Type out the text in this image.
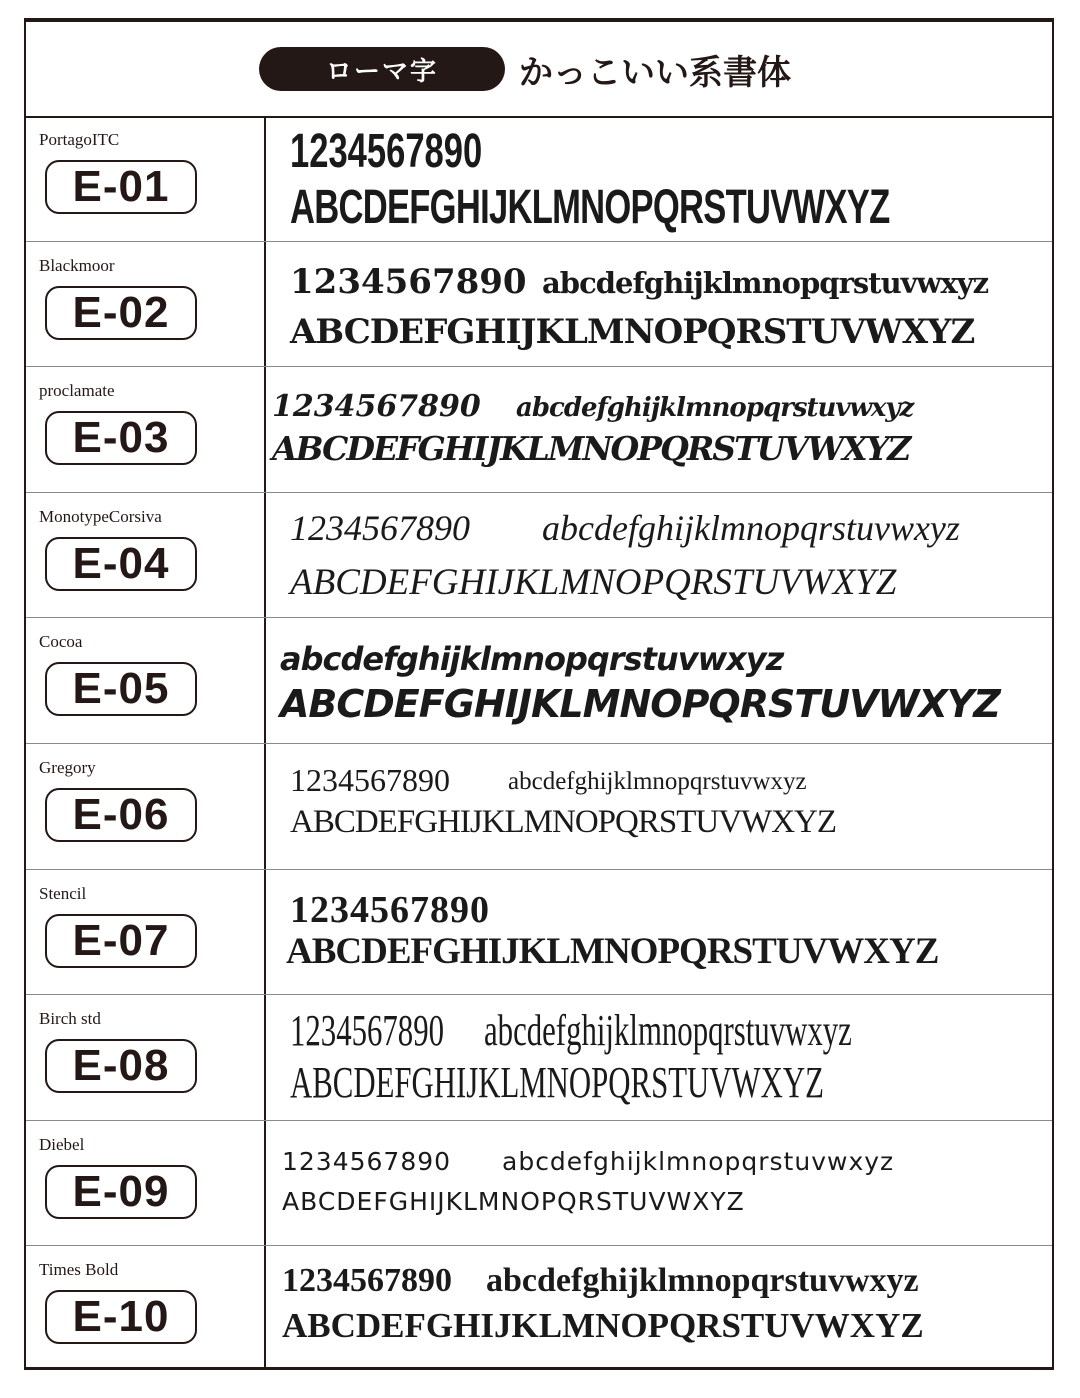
ローマ字	かっこいい系書体
PortagoITC
E-01
1234567890
ABCDEFGHIJKLMNOPQRSTUVWXYZ
Blackmoor
E-02
1234567890 abcdefghijklmnopqrstuvwxyz
ABCDEFGHIJKLMNOPQRSTUVWXYZ
proclamate
E-03
1234567890 abcdefghijklmnopqrstuvwxyz
ABCDEFGHIJKLMNOPQRSTUVWXYZ
MonotypeCorsiva
E-04
1234567890 abcdefghijklmnopqrstuvwxyz
ABCDEFGHIJKLMNOPQRSTUVWXYZ
Cocoa
E-05
abcdefghijklmnopqrstuvwxyz
ABCDEFGHIJKLMNOPQRSTUVWXYZ
Gregory
E-06
1234567890 abcdefghijklmnopqrstuvwxyz
ABCDEFGHIJKLMNOPQRSTUVWXYZ
Stencil
E-07
1234567890
ABCDEFGHIJKLMNOPQRSTUVWXYZ
Birch std
E-08
1234567890 abcdefghijklmnopqrstuvwxyz
ABCDEFGHIJKLMNOPQRSTUVWXYZ
Diebel
E-09
1234567890 abcdefghijklmnopqrstuvwxyz
ABCDEFGHIJKLMNOPQRSTUVWXYZ
Times Bold
E-10
1234567890 abcdefghijklmnopqrstuvwxyz
ABCDEFGHIJKLMNOPQRSTUVWXYZ
